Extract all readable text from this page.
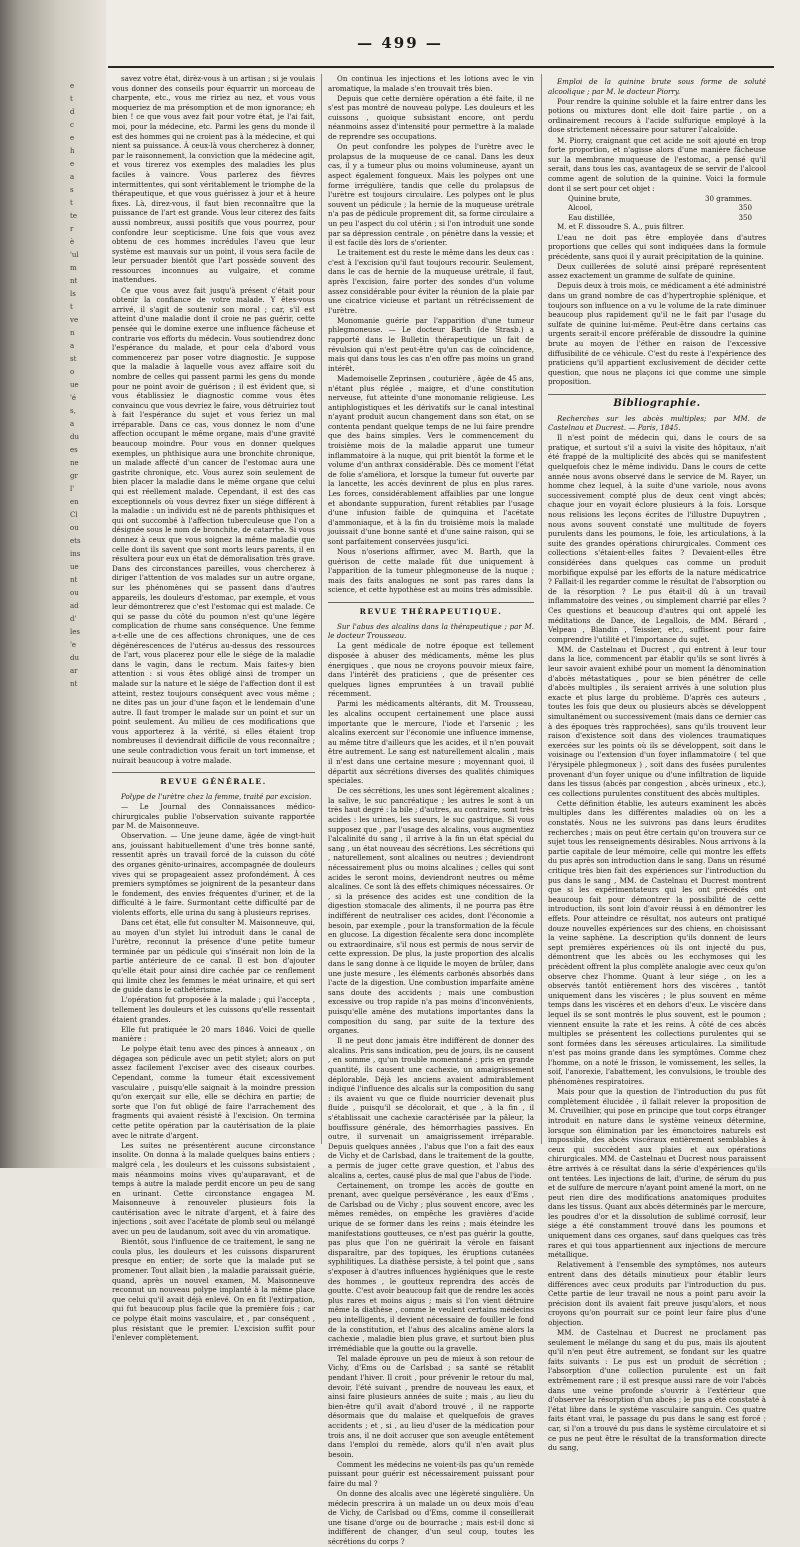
e
t
d
c
e
h
e
a
s
t
te
r
è
'ul
m
nt
ls
t
ve
n
a
st
o
ue
'é
s,
a
du
es
ne
gr
l'
en
Cl
ou
ets
ins
ue
nt
ou
ad
d'
les
'e
du
ar
nt
— 499 —

savez votre état, dirèz-vous à un artisan ; si je voulais vous donner des conseils pour équarrir un morceau de charpente, etc., vous me ririez au nez, et vous vous moqueriez de ma présomption et de mon ignorance; eh bien ! ce que vous avez fait pour votre état, je l'ai fait, moi, pour la médecine, etc. Parmi les gens du monde il est des hommes qui ne croient pas à la médecine, et qui nient sa puissance. À ceux-là vous chercherez à donner, par le raisonnement, la conviction que la médecine agit, et vous tirerez vos exemples des maladies les plus faciles à vaincre. Vous parlerez des fièvres intermittentes, qui sont véritablement le triomphe de la thérapeutique, et que vous guérissez à jour et à heure fixes. Là, direz-vous, il faut bien reconnaître que la puissance de l'art est grande. Vous leur citerez des faits aussi nombreux, aussi positifs que vous pourrez, pour confondre leur scepticisme. Une fois que vous avez obtenu de ces hommes incrédules l'aveu que leur système est mauvais sur un point, il vous sera facile de leur persuader bientôt que l'art possède souvent des ressources inconnues au vulgaire, et comme inattendues.

Ce que vous avez fait jusqu'à présent c'était pour obtenir la confiance de votre malade. Y êtes-vous arrivé, il s'agit de soutenir son moral ; car, s'il est atteint d'une maladie dont il croie ne pas guérir, cette pensée qui le domine exerce une influence fâcheuse et contrarie vos efforts du médecin. Vous soutiendrez donc l'espérance du malade, et pour cela d'abord vous commencerez par poser votre diagnostic. Je suppose que la maladie à laquelle vous avez affaire soit du nombre de celles qui passent parmi les gens du monde pour ne point avoir de guérison ; il est évident que, si vous établissiez le diagnostic comme vous êtes convaincu que vous devriez le faire, vous détruiriez tout à fait l'espérance du sujet et vous feriez un mal irréparable. Dans ce cas, vous donnez le nom d'une affection occupant le même organe, mais d'une gravité beaucoup moindre. Pour vous en donner quelques exemples, un phthisique aura une bronchite chronique, un malade affecté d'un cancer de l'estomac aura une gastrite chronique, etc. Vous aurez soin seulement de bien placer la maladie dans le même organe que celui qui est réellement malade. Cependant, il est des cas exceptionnels où vous devrez fixer un siége différent à la maladie : un individu est né de parents phthisiques et qui ont succombé à l'affection tuberculeuse que l'on a désignée sous le nom de bronchite, de catarrhe. Si vous donnez à ceux que vous soignez la même maladie que celle dont ils savent que sont morts leurs parents, il en résultera pour eux un état de démoralisation très grave. Dans des circonstances pareilles, vous chercherez à diriger l'attention de vos malades sur un autre organe, sur les phénomènes qui se passent dans d'autres appareils, les douleurs d'estomac, par exemple, et vous leur démontrerez que c'est l'estomac qui est malade. Ce qui se passe du côté du poumon n'est qu'une légère complication de rhume sans conséquence. Une femme a-t-elle une de ces affections chroniques, une de ces dégénérescences de l'utérus au-dessus des ressources de l'art, vous placerez pour elle le siége de la maladie dans le vagin, dans le rectum. Mais faites-y bien attention : si vous êtes obligé ainsi de tromper un malade sur la nature et le siége de l'affection dont il est atteint, restez toujours conséquent avec vous même ; ne dites pas un jour d'une façon et le lendemain d'une autre. Il faut tromper le malade sur un point et sur un point seulement. Au milieu de ces modifications que vous apporterez à la vérité, si elles étaient trop nombreuses il deviendrait difficile de vous reconnaître ; une seule contradiction vous ferait un tort immense, et nuirait beaucoup à votre malade.

REVUE GÉNÉRALE.

Polype de l'urètre chez la femme, traité par excision.

— Le Journal des Connaissances médico-chirurgicales publie l'observation suivante rapportée par M. de Maisonneuve.

Observation. — Une jeune dame, âgée de vingt-huit ans, jouissant habituellement d'une très bonne santé, ressentit après un travail forcé de la cuisson du côté des organes génito-urinaires, accompagnée de douleurs vives qui se propageaient assez profondément. À ces premiers symptômes se joignirent de la pesanteur dans le fondement, des envies fréquentes d'uriner, et de la difficulté à le faire. Surmontant cette difficulté par de violents efforts, elle urina du sang à plusieurs reprises.

Dans cet état, elle fut consulter M. Maisonneuve, qui, au moyen d'un stylet lui introduit dans le canal de l'urètre, reconnut la présence d'une petite tumeur terminée par un pédicule qui s'insérait non loin de la partie antérieure de ce canal. Il est bon d'ajouter qu'elle était pour ainsi dire cachée par ce renflement qui limite chez les femmes le méat urinaire, et qui sert de guide dans le cathétérisme.

L'opération fut proposée à la malade ; qui l'accepta , tellement les douleurs et les cuissons qu'elle ressentait étaient grandes.

Elle fut pratiquée le 20 mars 1846. Voici de quelle manière :

Le polype était tenu avec des pinces à anneaux , on dégagea son pédicule avec un petit stylet; alors on put assez facilement l'exciser avec des ciseaux courbes. Cependant, comme la tumeur était excessivement vasculaire , puisqu'elle saignait à la moindre pression qu'on exerçait sur elle, elle se déchira en partie; de sorte que l'on fut obligé de faire l'arrachement des fragments qui avaient résisté à l'excision. On termina cette petite opération par la cautérisation de la plaie avec le nitrate d'argent.

Les suites ne présentèrent aucune circonstance insolite. On donna à la malade quelques bains entiers ; malgré cela , les douleurs et les cuissons subsistaient , mais néanmoins moins vives qu'auparavant, et de temps à autre la malade perdit encore un peu de sang en urinant. Cette circonstance engagea M. Maisonneuve à renouveler plusieurs fois la cautérisation avec le nitrate d'argent, et à faire des injections , soit avec l'acétate de plomb seul ou mélangé avec un peu de laudanum, soit avec du vin aromatique.

Bientôt, sous l'influence de ce traitement, le sang ne coula plus, les douleurs et les cuissons disparurent presque en entier; de sorte que la malade put se promener. Tout allait bien , la maladie paraissait guérie, quand, après un nouvel examen, M. Maisonneuve reconnut un nouveau polype implanté à la même place que celui qu'il avait déjà enlevé. On en fit l'extirpation, qui fut beaucoup plus facile que la première fois ; car ce polype était moins vasculaire, et , par conséquent , plus résistant que le premier. L'excision suffit pour l'enlever complètement.

On continua les injections et les lotions avec le vin aromatique, la malade s'en trouvait très bien.

Depuis que cette dernière opération a été faite, il ne s'est pas montré de nouveau polype. Les douleurs et les cuissons , quoique subsistant encore, ont perdu néanmoins assez d'intensité pour permettre à la malade de reprendre ses occupations.

On peut confondre les polypes de l'urètre avec le prolapsus de la muqueuse de ce canal. Dans les deux cas, il y a tumeur plus ou moins volumineuse, ayant un aspect également fongueux. Mais les polypes ont une forme irrégulière, tandis que celle du prolapsus de l'urètre est toujours circulaire. Les polypes ont le plus souvent un pédicule ; la hernie de la muqueuse urétrale n'a pas de pédicule proprement dit, sa forme circulaire a un peu l'aspect du col utérin ; si l'on introduit une sonde par sa dépression centrale , on pénètre dans la vessie; et il est facile dès lors de s'orienter.

Le traitement est du reste le même dans les deux cas : c'est à l'excision qu'il faut toujours recourir. Seulement, dans le cas de hernie de la muqueuse urétrale, il faut, après l'excision, faire porter des sondes d'un volume assez considérable pour éviter la réunion de la plaie par une cicatrice vicieuse et partant un rétrécissement de l'urètre.

Monomanie guérie par l'apparition d'une tumeur phlegmoneuse. — Le docteur Barth (de Strasb.) a rapporté dans le Bulletin thérapeutique un fait de révulsion qui n'est peut-être qu'un cas de coïncidence, mais qui dans tous les cas n'en offre pas moins un grand intérêt.

Mademoiselle Zeprinsen , couturière , âgée de 45 ans, n'étant plus réglée , maigre, et d'une constitution nerveuse, fut atteinte d'une monomanie religieuse. Les antiphlogistiques et les dérivatifs sur le canal intestinal n'ayant produit aucun changement dans son état, on se contenta pendant quelque temps de ne lui faire prendre que des bains simples. Vers le commencement du troisième mois de la maladie apparut une tumeur inflammatoire à la nuque, qui prit bientôt la forme et le volume d'un anthrax considérable. Dès ce moment l'état de folie s'améliora, et lorsque la tumeur fut ouverte par la lancette, les accès devinrent de plus en plus rares. Les forces, considérablement affaiblies par une longue et abondante suppuration, furent rétablies par l'usage d'une infusion faible de quinquina et l'acétate d'ammoniaque, et à la fin du troisième mois la malade jouissait d'une bonne santé et d'une saine raison, qui se sont parfaitement conservées jusqu'ici.

Nous n'oserions affirmer, avec M. Barth, que la guérison de cette malade fût due uniquement à l'apparition de la tumeur phlegmoneuse de la nuque ; mais des faits analogues ne sont pas rares dans la science, et cette hypothèse est au moins très admissible.

REVUE THÉRAPEUTIQUE.

Sur l'abus des alcalins dans la thérapeutique ; par M. le docteur Trousseau.

La gent médicale de notre époque est tellement disposée à abuser des médicaments, même les plus énergiques , que nous ne croyons pouvoir mieux faire, dans l'intérêt des praticiens , que de présenter ces quelques lignes empruntées à un travail publié récemment.

Parmi les médicaments altérants, dit M. Trousseau, les alcalins occupent certainement une place aussi importante que le mercure, l'iode et l'arsenic ; les alcalins exercent sur l'économie une influence immense, au même titre d'ailleurs que les acides, et il n'en pouvait être autrement. Le sang est naturellement alcalin , mais il n'est dans une certaine mesure ; moyennant quoi, il départit aux sécrétions diverses des qualités chimiques spéciales.

De ces sécrétions, les unes sont légèrement alcalines ; la salive, le suc pancréatique ; les autres le sont à un très haut degré : la bile ; d'autres, au contraire, sont très acides : les urines, les sueurs, le suc gastrique. Si vous supposez que , par l'usage des alcalins, vous augmentiez l'alcalinité du sang , il arrive à la fin un état spécial du sang , un état nouveau des sécrétions. Les sécrétions qui , naturellement, sont alcalines ou neutres ; deviendront nécessairement plus ou moins alcalines ; celles qui sont acides le seront moins, deviendront neutres ou même alcalines. Ce sont là des effets chimiques nécessaires. Or , si la présence des acides est une condition de la digestion stomacale des aliments, il ne pourra pas être indifférent de neutraliser ces acides, dont l'économie a besoin, par exemple , pour la transformation de la fécule en glucose. La digestion fécalente sera donc incomplète ou extraordinaire, s'il nous est permis de nous servir de cette expression. De plus, la juste proportion des alcalis dans le sang donne à ce liquide le moyen de brûler, dans une juste mesure , les éléments carbonés absorbés dans l'acte de la digestion. Une combustion imparfaite amène sans doute des accidents ; mais une combustion excessive ou trop rapide n'a pas moins d'inconvénients, puisqu'elle amène des mutations importantes dans la composition du sang, par suite de la texture des organes.

Il ne peut donc jamais être indifférent de donner des alcalins. Pris sans indication, peu de jours, ils ne causent , en somme , qu'un trouble momentané ; pris en grande quantité, ils causent une cachexie, un amaigrissement déplorable. Déjà les anciens avaient admirablement indiqué l'influence des alcalis sur la composition du sang : ils avaient vu que ce fluide nourricier devenait plus fluide , puisqu'il se décolorait, et que , à la fin , il s'établissait une cachexie caractérisée par la pâleur, la bouffissure générale, des hémorrhagies passives. En outre, il survenait un amaigrissement irréparable. Depuis quelques années , l'abus que l'on a fait des eaux de Vichy et de Carlsbad, dans le traitement de la goutte, a permis de juger cette grave question, et l'abus des alcalins a, certes, causé plus de mal que l'abus de l'iode.

Certainement, on trompe les accès de goutte en prenant, avec quelque persévérance , les eaux d'Ems , de Carlsbad ou de Vichy ; plus souvent encore, avec les mêmes remèdes, on empêche les gravières d'acide urique de se former dans les reins ; mais éteindre les manifestations goutteuses, ce n'est pas guérir la goutte, pas plus que l'on ne guérirait la vérole en faisant disparaître, par des topiques, les éruptions cutanées syphilitiques. La diathèse persiste, à tel point que , sans s'exposer à d'autres influences hygiéniques que le reste des hommes , le goutteux reprendra des accès de goutte. C'est avoir beaucoup fait que de rendre les accès plus rares et moins aigus ; mais si l'on vient détruire même la diathèse , comme le veulent certains médecins peu intelligents, il devient nécessaire de fouiller le fond de la constitution, et l'abus des alcalins amène alors la cachexie , maladie bien plus grave, et surtout bien plus irrémédiable que la goutte ou la gravelle.

Tel malade éprouve un peu de mieux à son retour de Vichy, d'Ems ou de Carlsbad ; sa santé se rétablit pendant l'hiver. Il croit , pour prévenir le retour du mal, devoir, l'été suivant , prendre de nouveau les eaux, et ainsi faire plusieurs années de suite ; mais , au lieu du bien-être qu'il avait d'abord trouvé , il ne rapporte désormais que du malaise et quelquefois de graves accidents ; et , si , au lieu d'user de la médication pour trois ans, il ne doit accuser que son aveugle entêtement dans l'emploi du remède, alors qu'il n'en avait plus besoin.

Comment les médecins ne voient-ils pas qu'un remède puissant pour guérir est nécessairement puissant pour faire du mal ?

On donne des alcalis avec une légèreté singulière. Un médecin prescrira à un malade un ou deux mois d'eau de Vichy, de Carlsbad ou d'Ems, comme il conseillerait une tisane d'orge ou de bourrache ; mais est-il donc si indifférent de changer, d'un seul coup, toutes les sécrétions du corps ?

Emploi de la quinine brute sous forme de soluté alcoolique ; par M. le docteur Piorry.

Pour rendre la quinine soluble et la faire entrer dans les potions ou mixtures dont elle doit faire partie , on a ordinairement recours à l'acide sulfurique employé à la dose strictement nécessaire pour saturer l'alcaloïde.

M. Piorry, craignant que cet acide ne soit ajouté en trop forte proportion, et n'agisse alors d'une manière fâcheuse sur la membrane muqueuse de l'estomac, a pensé qu'il serait, dans tous les cas, avantageux de se servir de l'alcool comme agent de solution de la quinine. Voici la formule dont il se sert pour cet objet :

Quinine brute,	30 grammes.
Alcool,	350
Eau distillée,	350

M. et F. dissoudre S. A., puis filtrer.

L'eau ne doit pas être employée dans d'autres proportions que celles qui sont indiquées dans la formule précédente, sans quoi il y aurait précipitation de la quinine.

Deux cuillerées de soluté ainsi préparé représentent assez exactement un gramme de sulfate de quinine.

Depuis deux à trois mois, ce médicament a été administré dans un grand nombre de cas d'hypertrophie splénique, et toujours son influence on a vu le volume de la rate diminuer beaucoup plus rapidement qu'il ne le fait par l'usage du sulfate de quinine lui-même. Peut-être dans certains cas urgents serait-il encore préférable de dissoudre la quinine brute au moyen de l'éther en raison de l'excessive diffusibilité de ce véhicule. C'est du reste à l'expérience des praticiens qu'il appartient exclusivement de décider cette question, que nous ne plaçons ici que comme une simple proposition.

Bibliographie.

Recherches sur les abcès multiples; par MM. de Castelnau et Ducrest. — Paris, 1845.

Il n'est point de médecin qui, dans le cours de sa pratique, et surtout s'il a suivi la visite des hôpitaux, n'ait été frappé de la multiplicité des abcès qui se manifestent quelquefois chez le même individu. Dans le cours de cette année nous avons observé dans le service de M. Rayer, un homme chez lequel, à la suite d'une variole, nous avons successivement compté plus de deux cent vingt abcès; chaque jour en voyait éclore plusieurs à la fois. Lorsque nous relisions les leçons écrites de l'illustre Dupuytren , nous avons souvent constaté une multitude de foyers purulents dans les poumons, le foie, les articulations, à la suite des grandes opérations chirurgicales. Comment ces collections s'étaient-elles faites ? Devaient-elles être considérées dans quelques cas comme un produit morbifique expulsé par les efforts de la nature médicatrice ? Fallait-il les regarder comme le résultat de l'absorption ou de la résorption ? Le pus était-il dû à un travail inflammatoire des veines , ou simplement charrié par elles ? Ces questions et beaucoup d'autres qui ont appelé les méditations de Dance, de Legallois, de MM. Bérard , Velpeau , Blandin , Teissier, etc., suffisent pour faire comprendre l'utilité et l'importance du sujet.

MM. de Castelnau et Ducrest , qui entrent à leur tour dans la lice, commencent par établir qu'ils se sont livrés à leur savoir avaient exhibé pour un moment la dénomination d'abcès métastatiques , pour se bien pénétrer de celle d'abcès multiples , ils seraient arrivés à une solution plus exacte et plus large du problème. D'après ces auteurs , toutes les fois que deux ou plusieurs abcès se développent simultanément ou successivement (mais dans ce dernier cas à des époques très rapprochées), sans qu'ils trouvent leur raison d'existence soit dans des violences traumatiques exercées sur les points où ils se développent, soit dans le voisinage ou l'extension d'un foyer inflammatoire ( tel que l'érysipèle phlegmoneux ) , soit dans des fusées purulentes provenant d'un foyer unique ou d'une infiltration de liquide dans les tissus (abcès par congestion , abcès urineux , etc.), ces collections purulentes constituent des abcès multiples.

Cette définition établie, les auteurs examinent les abcès multiples dans les différentes maladies où on les a constatés. Nous ne les suivrons pas dans leurs érudites recherches ; mais on peut être certain qu'on trouvera sur ce sujet tous les renseignements désirables. Nous arrivons à la partie capitale de leur mémoire, celle qui montre les effets du pus après son introduction dans le sang. Dans un résumé critique très bien fait des expériences sur l'introduction du pus dans le sang , MM. de Castelnau et Ducrest montrent que si les expérimentateurs qui les ont précédés ont beaucoup fait pour démontrer la possibilité de cette introduction, ils sont loin d'avoir réussi à en démontrer les effets. Pour atteindre ce résultat, nos auteurs ont pratiqué douze nouvelles expériences sur des chiens, en choisissant la veine saphène. La description qu'ils donnent de leurs sept premières expériences où ils ont injecté du pus, démontrent que les abcès ou les ecchymoses qui les précèdent offrent la plus complète analogie avec ceux qu'on observe chez l'homme. Quant à leur siége , on les a observés tantôt entièrement hors des viscères , tantôt uniquement dans les viscères ; le plus souvent en même temps dans les viscères et en dehors d'eux. Le viscère dans lequel ils se sont montrés le plus souvent, est le poumon ; viennent ensuite la rate et les reins. À côté de ces abcès multiples se présentent les collections purulentes qui se sont formées dans les séreuses articulaires. La similitude n'est pas moins grande dans les symptômes. Comme chez l'homme, on a noté le frisson, le vomissement, les selles, la soif, l'anorexie, l'abattement, les convulsions, le trouble des phénomènes respiratoires.

Mais pour que la question de l'introduction du pus fût complètement élucidée , il fallait relever la proposition de M. Cruveilhier, qui pose en principe que tout corps étranger introduit en nature dans le système veineux détermine, lorsque son élimination par les émonctoires naturels est impossible, des abcès viscéraux entièrement semblables à ceux qui succèdent aux plaies et aux opérations chirurgicales. MM. de Castelnau et Ducrest nous paraissent être arrivés à ce résultat dans la série d'expériences qu'ils ont tentées. Les injections de lait, d'urine, de sérum du pus et de sulfure de mercure n'ayant point amené la mort, on ne peut rien dire des modifications anatomiques produites dans les tissus. Quant aux abcès déterminés par le mercure, les poudres d'or et la dissolution de sublimé corrosif, leur siége a été constamment trouvé dans les poumons et uniquement dans ces organes, sauf dans quelques cas très rares et qui tous appartiennent aux injections de mercure métallique.

Relativement à l'ensemble des symptômes, nos auteurs entrent dans des détails minutieux pour établir leurs différences avec ceux produits par l'introduction du pus. Cette partie de leur travail ne nous a point paru avoir la précision dont ils avaient fait preuve jusqu'alors, et nous croyons qu'on pourrait sur ce point leur faire plus d'une objection.

MM. de Castelnau et Ducrest ne proclament pas seulement le mélange du sang et du pus, mais ils ajoutent qu'il n'en peut être autrement, se fondant sur les quatre faits suivants : Le pus est un produit de sécrétion ; l'absorption d'une collection purulente est un fait extrêmement rare ; il est presque aussi rare de voir l'abcès dans une veine profonde s'ouvrir à l'extérieur que d'observer la résorption d'un abcès ; le pus a été constaté à l'état libre dans le système vasculaire sanguin. Ces quatre faits étant vrai, le passage du pus dans le sang est forcé ; car, si l'on a trouvé du pus dans le système circulatoire et si ce pus ne peut être le résultat de la transformation directe du sang,
